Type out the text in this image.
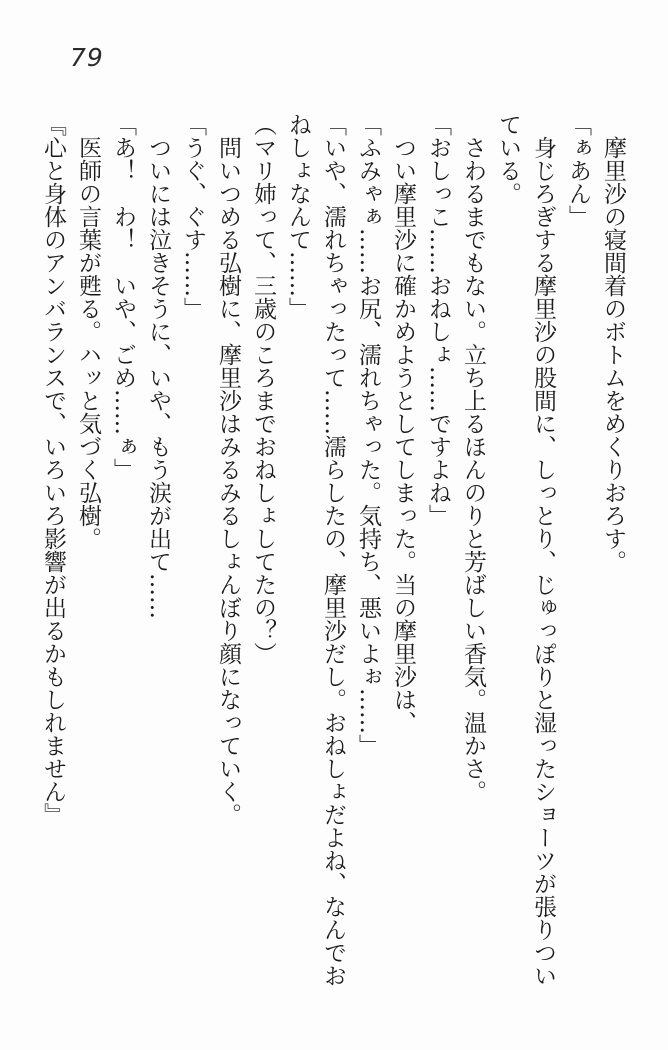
79

摩里沙の寝間着のボトムをめくりおろす。

「ぁあん」

身じろぎする摩里沙の股間に、しっとり、じゅっぽりと湿ったショーツが張りついている。

さわるまでもない。立ち上るほんのりと芳ばしい香気。温かさ。

「おしっこ……おねしょ……ですよね」

つい摩里沙に確かめようとしてしまった。当の摩里沙は、

「ふみゃぁ……お尻、濡れちゃった。気持ち、悪いよぉ……」

「いや、濡れちゃったって……濡らしたの、摩里沙だし。おねしょだよね、なんでおねしょなんて……」

（マリ姉って、三歳のころまでおねしょしてたの？）

問いつめる弘樹に、摩里沙はみるみるしょんぼり顔になっていく。

「うぐ、ぐす……」

ついには泣きそうに、いや、もう涙が出て……

「あ！　わ！　いや、ごめ……ぁ」

医師の言葉が甦る。ハッと気づく弘樹。

『心と身体のアンバランスで、いろいろ影響が出るかもしれません』
